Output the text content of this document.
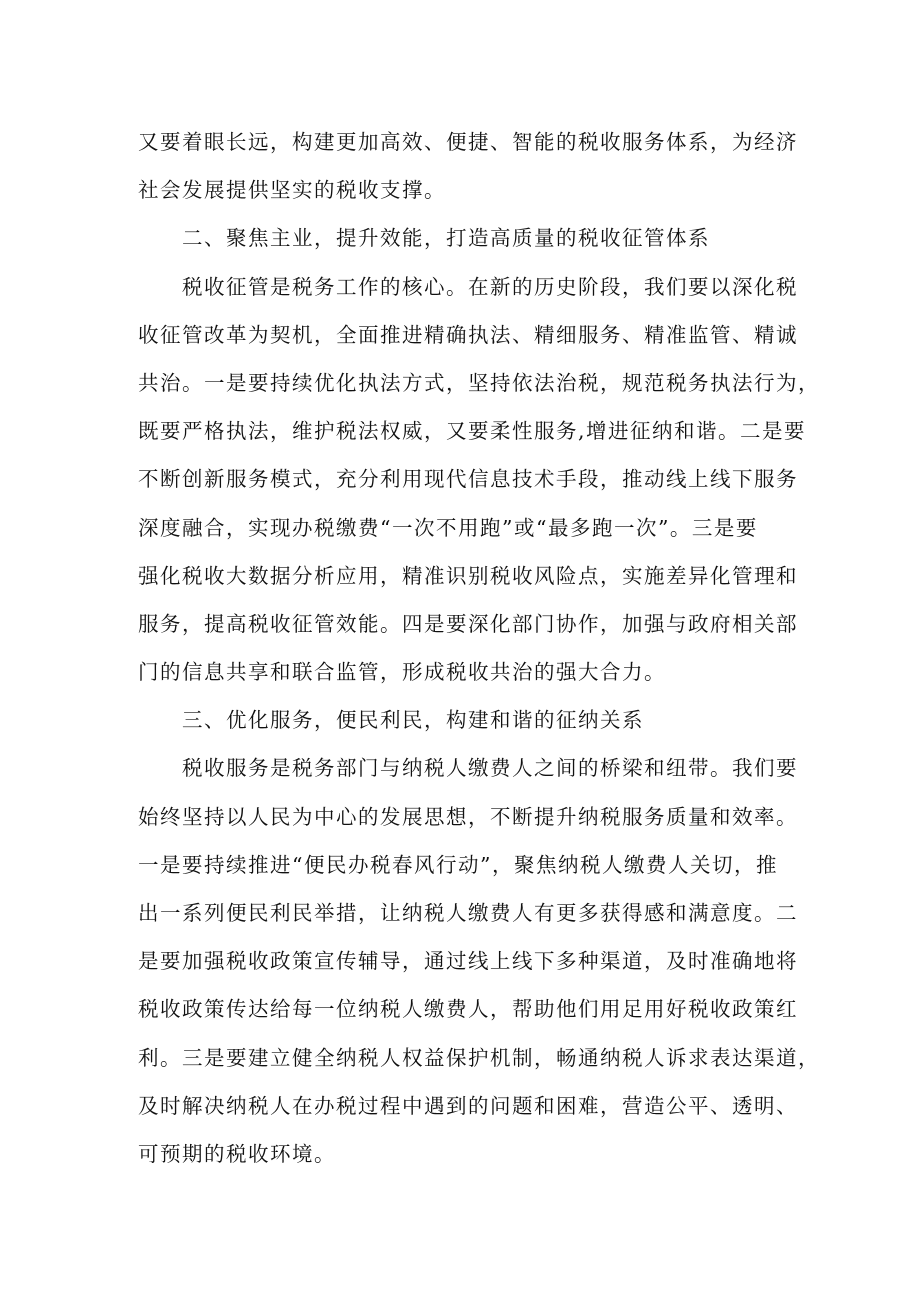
又要着眼长远，构建更加高效、便捷、智能的税收服务体系，为经济
社会发展提供坚实的税收支撑。
二、聚焦主业，提升效能，打造高质量的税收征管体系
税收征管是税务工作的核心。在新的历史阶段，我们要以深化税
收征管改革为契机，全面推进精确执法、精细服务、精准监管、精诚
共治。一是要持续优化执法方式，坚持依法治税，规范税务执法行为，
既要严格执法，维护税法权威，又要柔性服务,增进征纳和谐。二是要
不断创新服务模式，充分利用现代信息技术手段，推动线上线下服务
深度融合，实现办税缴费“一次不用跑”或“最多跑一次”。三是要
强化税收大数据分析应用，精准识别税收风险点，实施差异化管理和
服务，提高税收征管效能。四是要深化部门协作，加强与政府相关部
门的信息共享和联合监管，形成税收共治的强大合力。
三、优化服务，便民利民，构建和谐的征纳关系
税收服务是税务部门与纳税人缴费人之间的桥梁和纽带。我们要
始终坚持以人民为中心的发展思想，不断提升纳税服务质量和效率。
一是要持续推进“便民办税春风行动”，聚焦纳税人缴费人关切，推
出一系列便民利民举措，让纳税人缴费人有更多获得感和满意度。二
是要加强税收政策宣传辅导，通过线上线下多种渠道，及时准确地将
税收政策传达给每一位纳税人缴费人，帮助他们用足用好税收政策红
利。三是要建立健全纳税人权益保护机制，畅通纳税人诉求表达渠道，
及时解决纳税人在办税过程中遇到的问题和困难，营造公平、透明、
可预期的税收环境。
